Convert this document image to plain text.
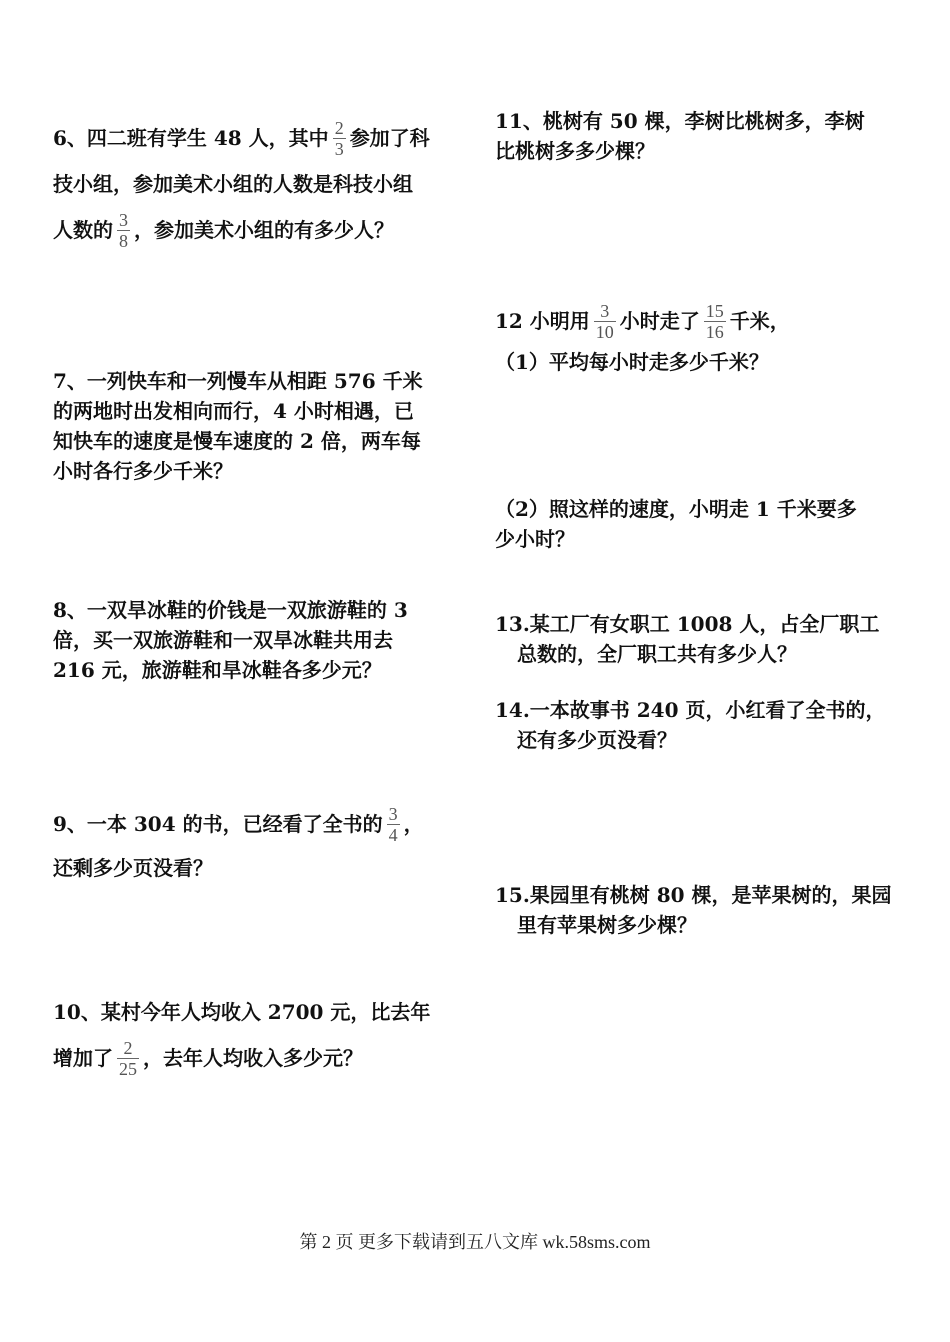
6、四二班有学生 48 人，其中 $\frac{2}{3}$ 参加了科
技小组，参加美术小组的人数是科技小组
人数的 $\frac{3}{8}$ ，参加美术小组的有多少人？
7、一列快车和一列慢车从相距 576 千米
的两地时出发相向而行，4 小时相遇，已
知快车的速度是慢车速度的 2 倍，两车每
小时各行多少千米？
8、一双旱冰鞋的价钱是一双旅游鞋的 3
倍，买一双旅游鞋和一双旱冰鞋共用去
216 元，旅游鞋和旱冰鞋各多少元？
9、一本 304 的书，已经看了全书的 $\frac{3}{4}$ ，
还剩多少页没看？
10、某村今年人均收入 2700 元，比去年
增加了 $\frac{2}{25}$ ，去年人均收入多少元？
11、桃树有 50 棵，李树比桃树多，李树
比桃树多多少棵？
12 小明用 $\frac{3}{10}$ 小时走了 $\frac{15}{16}$ 千米，
（1）平均每小时走多少千米？
（2）照这样的速度，小明走 1 千米要多
少小时？
13.某工厂有女职工 1008 人，占全厂职工
总数的，全厂职工共有多少人？
14.一本故事书 240 页，小红看了全书的，
还有多少页没看？
15.果园里有桃树 80 棵，是苹果树的，果园
里有苹果树多少棵？
第 2 页 更多下载请到五八文库 wk.58sms.com
